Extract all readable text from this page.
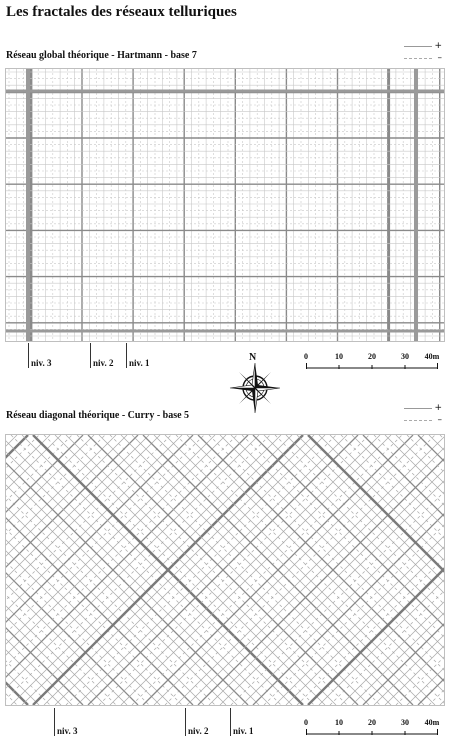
Les fractales des réseaux telluriques
Réseau global théorique - Hartmann - base 7
+
–
niv. 3	niv. 2 niv. 1	N	0	10	20	30 40m
Réseau diagonal théorique - Curry - base 5
+
–
niv. 3	niv. 2	niv. 1
0	10	20	30 40m
